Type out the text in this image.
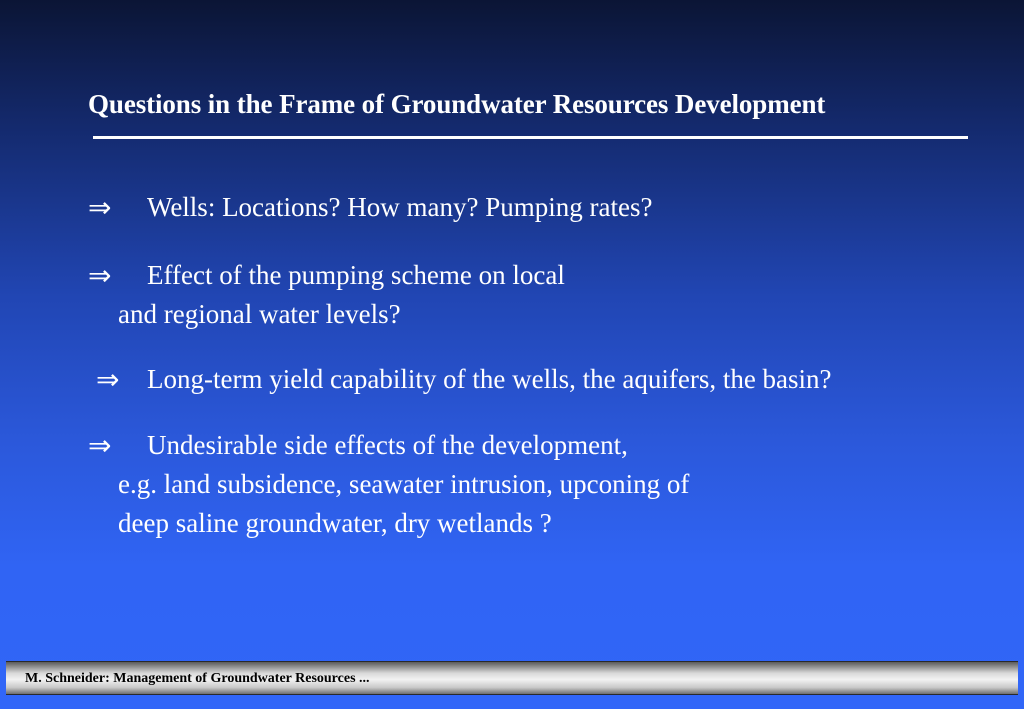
Questions in the Frame of Groundwater Resources Development
⇒ Wells: Locations? How many? Pumping rates?
⇒ Effect of the pumping scheme on local
and regional water levels?
⇒ Long-term yield capability of the wells, the aquifers, the basin?
⇒ Undesirable side effects of the development,
e.g. land subsidence, seawater intrusion, upconing of
deep saline groundwater, dry wetlands ?
M. Schneider: Management of Groundwater Resources ...
